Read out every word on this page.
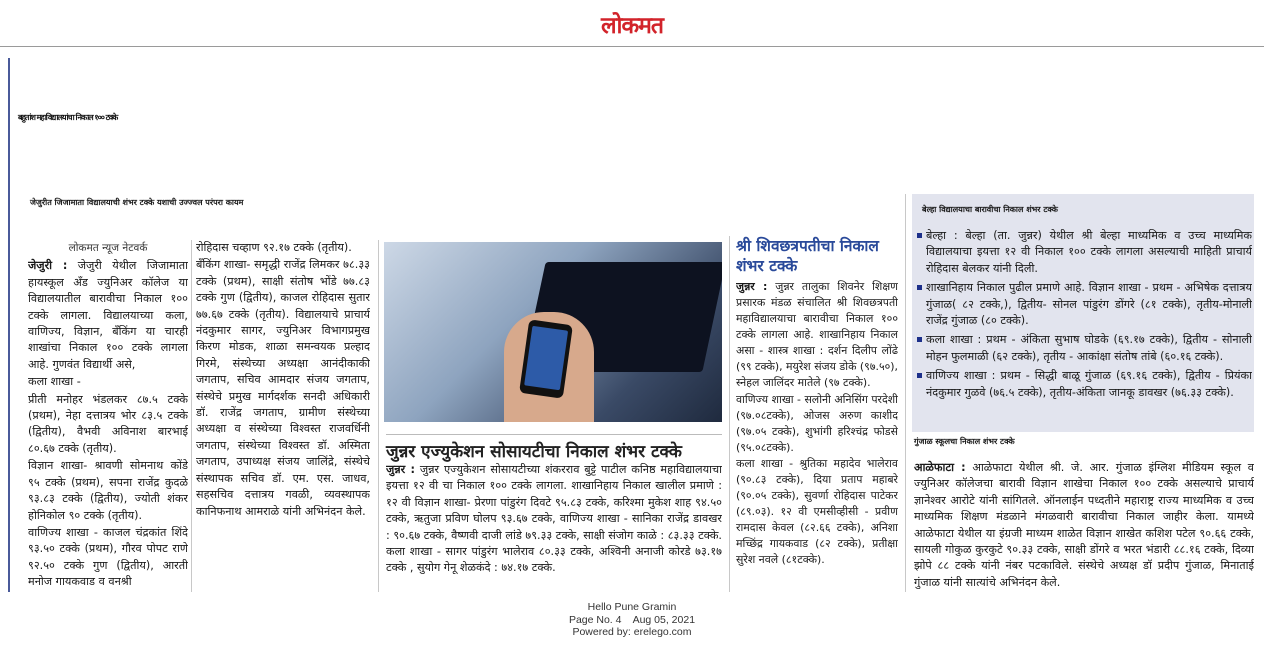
लोकमत
बहुतांश महाविद्यालयांचा निकाल १०० टक्के
जेजुरीत जिजामाता विद्यालयाची शंभर टक्के यशाची उज्ज्वल परंपरा कायम
लोकमत न्यूज नेटवर्क

जेजुरी : जेजुरी येथील जिजामाता हायस्कूल अँड ज्युनिअर कॉलेज या विद्यालयातील बारावीचा निकाल १०० टक्के लागला. विद्यालयाच्या कला, वाणिज्य, विज्ञान, बँकिंग या चारही शाखांचा निकाल १०० टक्के लागला आहे. गुणवंत विद्यार्थी असे,

कला शाखा -

प्रीती मनोहर भंडलकर ८७.५ टक्के (प्रथम), नेहा दत्तात्रय भोर ८३.५ टक्के (द्वितीय), वैभवी अविनाश बारभाई ८०.६७ टक्के (तृतीय).

विज्ञान शाखा- श्रावणी सोमनाथ कोंडे ९५ टक्के (प्रथम), सपना राजेंद्र कुदळे ९३.८३ टक्के (द्वितीय), ज्योती शंकर होनिकोल ९० टक्के (तृतीय).

वाणिज्य शाखा - काजल चंद्रकांत शिंदे ९३.५० टक्के (प्रथम), गौरव पोपट राणे ९२.५० टक्के गुण (द्वितीय), आरती मनोज गायकवाड व वनश्री

रोहिदास चव्हाण ९२.१७ टक्के (तृतीय).

बँकिंग शाखा- समृद्धी राजेंद्र लिमकर ७८.३३ टक्के (प्रथम), साक्षी संतोष भोंडे ७७.८३ टक्के गुण (द्वितीय), काजल रोहिदास सुतार ७७.६७ टक्के (तृतीय). विद्यालयाचे प्राचार्य नंदकुमार सागर, ज्युनिअर विभागप्रमुख किरण मोडक, शाळा समन्वयक प्रल्हाद गिरमे, संस्थेच्या अध्यक्षा आनंदीकाकी जगताप, सचिव आमदार संजय जगताप, संस्थेचे प्रमुख मार्गदर्शक सनदी अधिकारी डॉ. राजेंद्र जगताप, ग्रामीण संस्थेच्या अध्यक्षा व संस्थेच्या विश्वस्त राजवर्धिनी जगताप, संस्थेच्या विश्वस्त डॉ. अस्मिता जगताप, उपाध्यक्ष संजय जालिंद्रे, संस्थेचे संस्थापक सचिव डॉ. एम. एस. जाधव, सहसचिव दत्तात्रय गवळी, व्यवस्थापक कानिफनाथ आमराळे यांनी अभिनंदन केले.

जुन्नर एज्युकेशन सोसायटीचा निकाल शंभर टक्के

जुन्नर : जुन्नर एज्युकेशन सोसायटीच्या शंकरराव बुट्टे पाटील कनिष्ठ महाविद्यालयाचा इयत्ता १२ वी चा निकाल १०० टक्के लागला. शाखानिहाय निकाल खालील प्रमाणे : १२ वी विज्ञान शाखा- प्रेरणा पांडुरंग दिवटे ९५.८३ टक्के, करिश्मा मुकेश शाह ९४.५० टक्के, ऋतुजा प्रविण घोलप ९३.६७ टक्के, वाणिज्य शाखा - सानिका राजेंद्र डावखर : ९०.६७ टक्के, वैष्णवी दाजी लांडे ७९.३३ टक्के, साक्षी संजोग काळे : ८३.३३ टक्के. कला शाखा - सागर पांडुरंग भालेराव ८०.३३ टक्के, अश्विनी अनाजी कोरडे ७३.१७ टक्के , सुयोग गेनू शेळकंदे : ७४.१७ टक्के.

श्री शिवछत्रपतीचा निकाल शंभर टक्के

जुन्नर : जुन्नर तालुका शिवनेर शिक्षण प्रसारक मंडळ संचालित श्री शिवछत्रपती महाविद्यालयाचा बारावीचा निकाल १०० टक्के लागला आहे. शाखानिहाय निकाल असा - शास्त्र शाखा : दर्शन दिलीप लोंढे (९९ टक्के), मयुरेश संजय डोके (९७.५०), स्नेहल जालिंदर मातेले (९७ टक्के).

वाणिज्य शाखा - सलोनी अनिसिंग परदेशी (९७.०८टक्के), ओजस अरुण काशीद (९७.०५ टक्के), शुभांगी हरिश्चंद्र फोडसे (९५.०८टक्के).

कला शाखा - श्रुतिका महादेव भालेराव (९०.८३ टक्के), दिया प्रताप महाबरे (९०.०५ टक्के), सुवर्णा रोहिदास पाटेकर (८९.०३). १२ वी एमसीव्हीसी - प्रवीण रामदास केवल (८२.६६ टक्के), अनिशा मच्छिंद्र गायकवाड (८२ टक्के), प्रतीक्षा सुरेश नवले (८१टक्के).

बेल्हा विद्यालयाचा बारावीचा निकाल शंभर टक्के
बेल्हा : बेल्हा (ता. जुन्नर) येथील श्री बेल्हा माध्यमिक व उच्च माध्यमिक विद्यालयाचा इयत्ता १२ वी निकाल १०० टक्के लागला असल्याची माहिती प्राचार्य रोहिदास बेलकर यांनी दिली.
शाखानिहाय निकाल पुढील प्रमाणे आहे. विज्ञान शाखा - प्रथम - अभिषेक दत्तात्रय गुंजाळ( ८२ टक्के,), द्वितीय- सोनल पांडुरंग डोंगरे (८१ टक्के), तृतीय-मोनाली राजेंद्र गुंजाळ (८० टक्के).
कला शाखा : प्रथम - अंकिता सुभाष घोडके (६९.१७ टक्के), द्वितीय - सोनाली मोहन फुलमाळी (६२ टक्के), तृतीय - आकांक्षा संतोष तांबे (६०.१६ टक्के).
वाणिज्य शाखा : प्रथम - सिद्धी बाळू गुंजाळ (६९.१६ टक्के), द्वितीय - प्रियंका नंदकुमार गुळवे (७६.५ टक्के), तृतीय-अंकिता जानकू डावखर (७६.३३ टक्के).
गुंजाळ स्कूलचा निकाल शंभर टक्के

आळेफाटा : आळेफाटा येथील श्री. जे. आर. गुंजाळ इंग्लिश मीडियम स्कूल व ज्युनिअर कॉलेजचा बारावी विज्ञान शाखेचा निकाल १०० टक्के असल्याचे प्राचार्य ज्ञानेश्वर आरोटे यांनी सांगितले. ऑनलाईन पध्दतीने महाराष्ट्र राज्य माध्यमिक व उच्च माध्यमिक शिक्षण मंडळाने मंगळवारी बारावीचा निकाल जाहीर केला. यामध्ये आळेफाटा येथील या इंग्रजी माध्यम शाळेत विज्ञान शाखेत कशिश पटेल ९०.६६ टक्के, सायली गोकुळ कुरकुटे ९०.३३ टक्के, साक्षी डोंगरे व भरत भंडारी ८८.१६ टक्के, दिव्या झोपे ८८ टक्के यांनी नंबर पटकाविले. संस्थेचे अध्यक्ष डॉ प्रदीप गुंजाळ, मिनाताई गुंजाळ यांनी सात्यांचे अभिनंदन केले.

Hello Pune Gramin
Page No. 4    Aug 05, 2021
Powered by: erelego.com
